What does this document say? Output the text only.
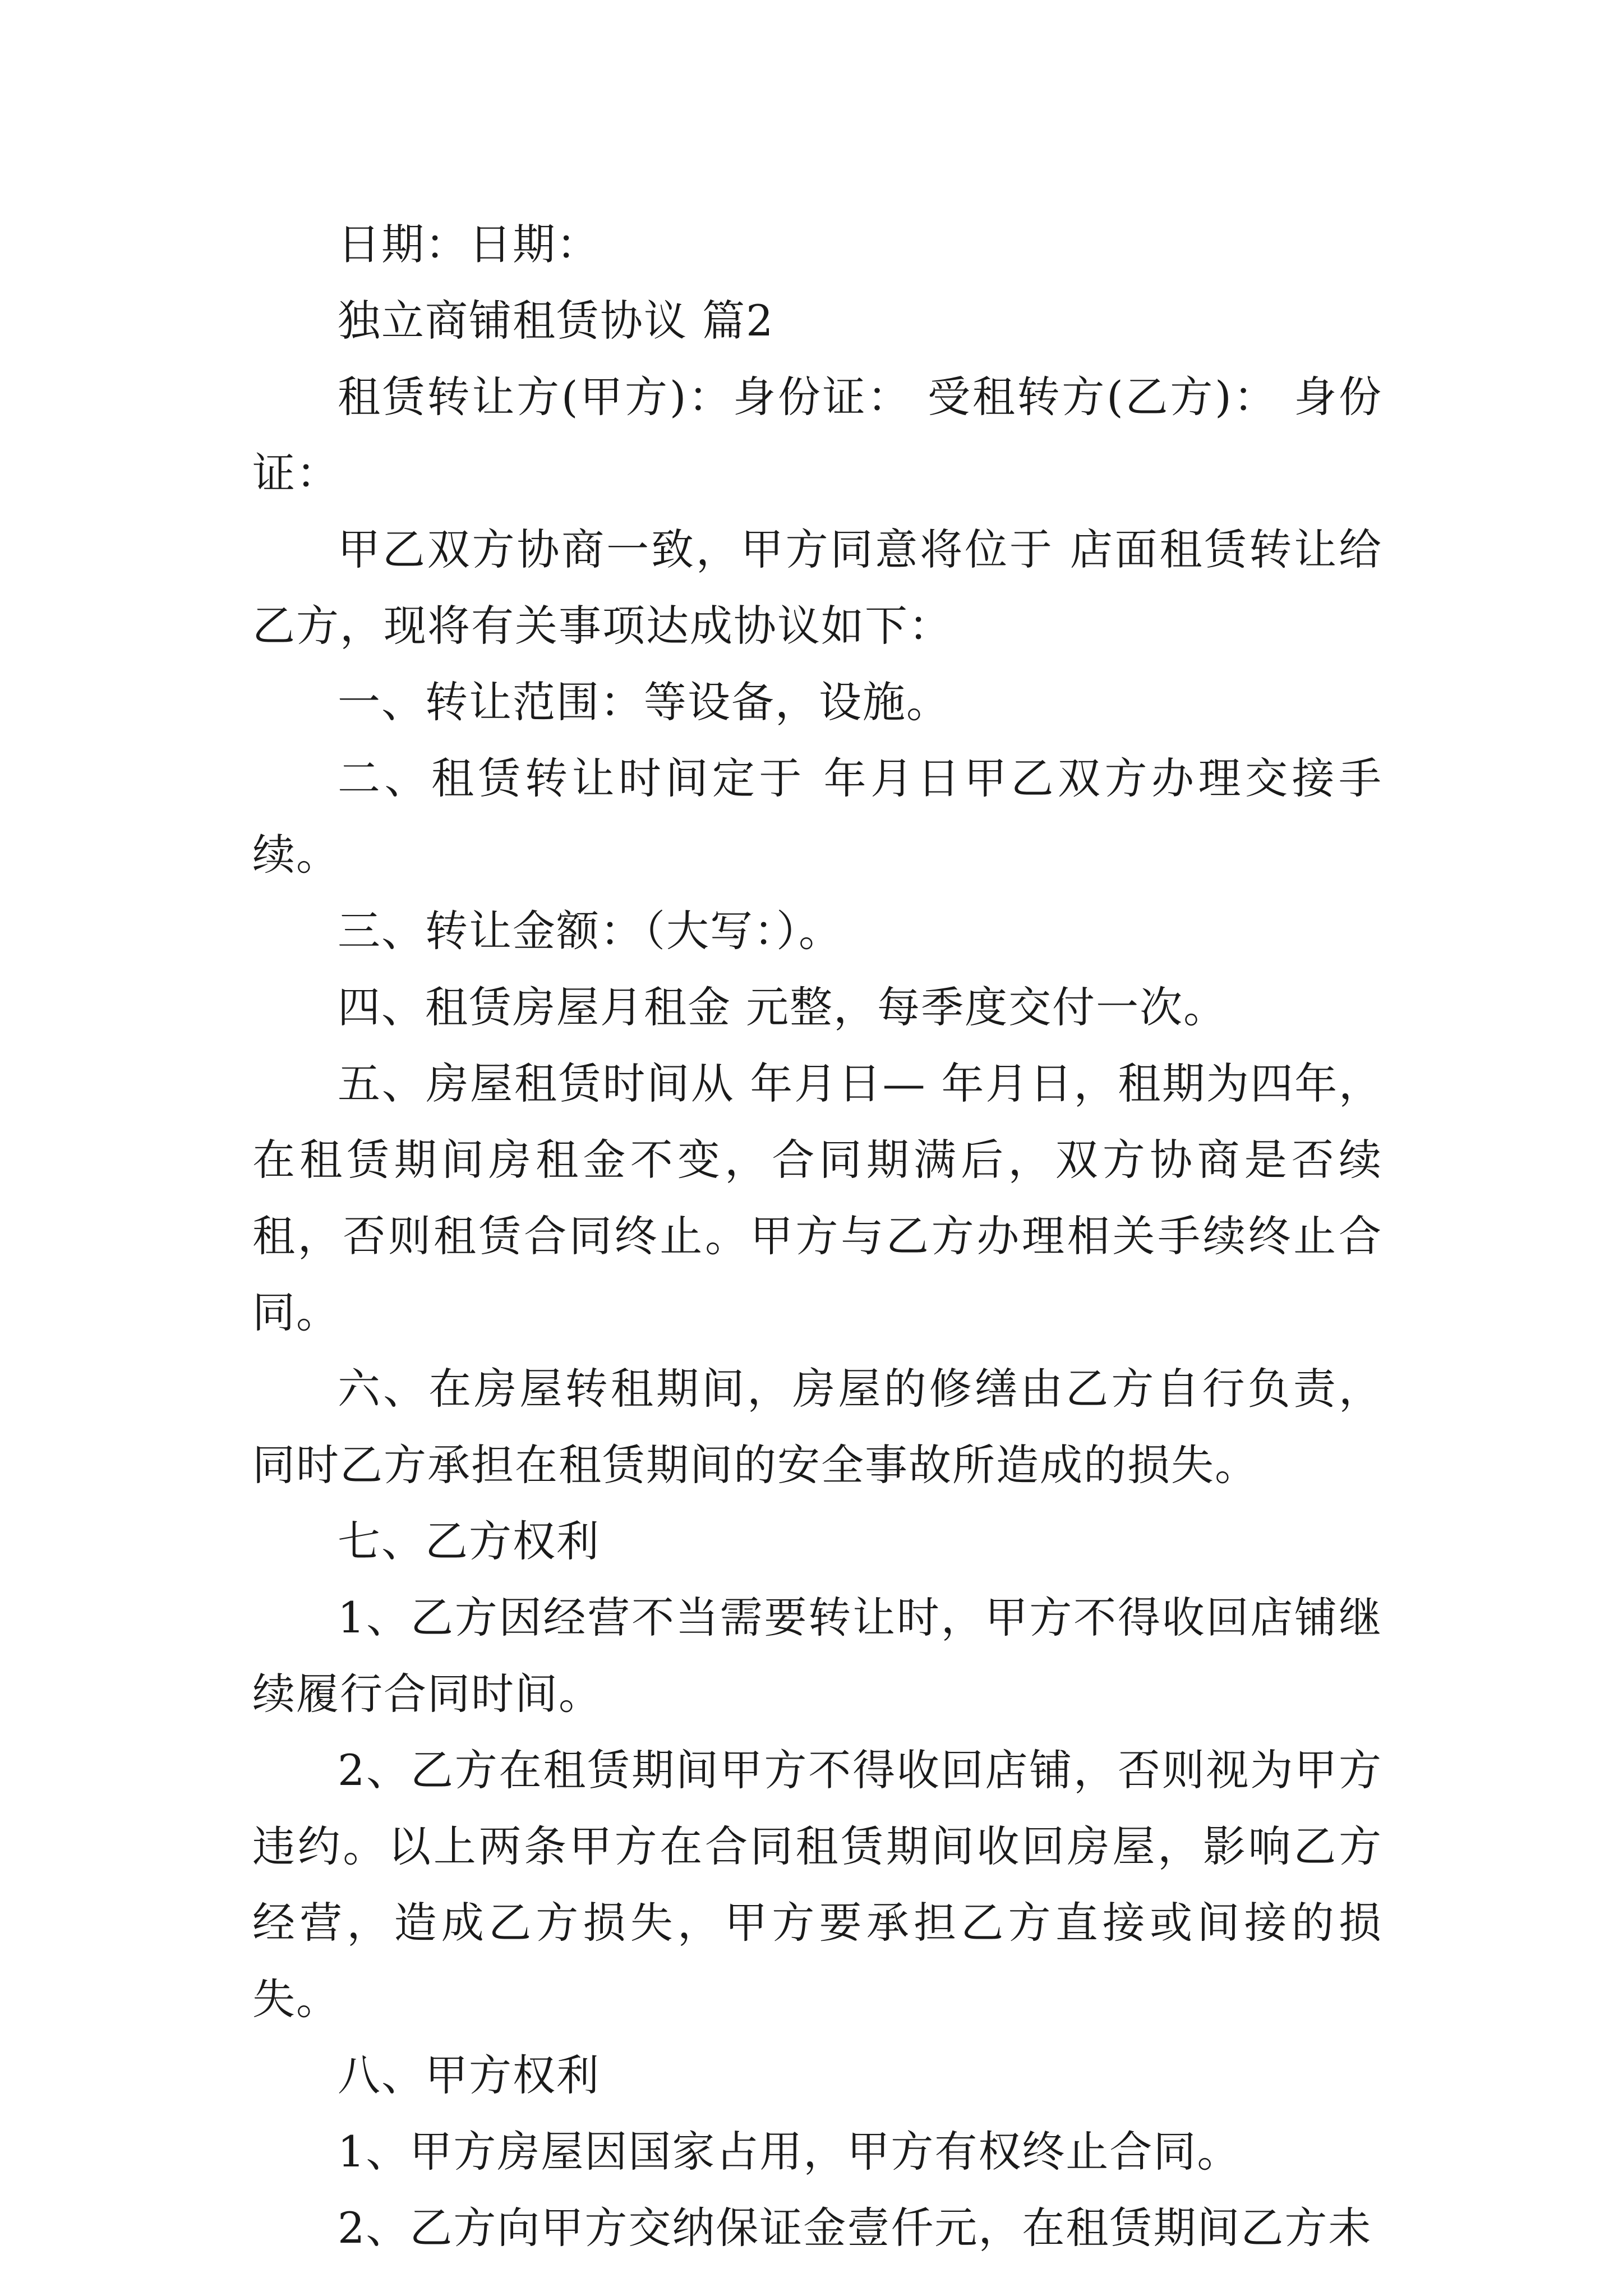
日期：日期：

独立商铺租赁协议 篇2

租赁转让方(甲方)：身份证： 受租转方(乙方)： 身份证：

甲乙双方协商一致，甲方同意将位于 店面租赁转让给乙方，现将有关事项达成协议如下：

一、转让范围：等设备，设施。

二、租赁转让时间定于 年月日甲乙双方办理交接手续。

三、转让金额：（大写：）。

四、租赁房屋月租金 元整，每季度交付一次。

五、房屋租赁时间从 年月日— 年月日，租期为四年，在租赁期间房租金不变，合同期满后，双方协商是否续租，否则租赁合同终止。甲方与乙方办理相关手续终止合同。

六、在房屋转租期间，房屋的修缮由乙方自行负责，同时乙方承担在租赁期间的安全事故所造成的损失。

七、乙方权利

1、乙方因经营不当需要转让时，甲方不得收回店铺继续履行合同时间。

2、乙方在租赁期间甲方不得收回店铺，否则视为甲方违约。以上两条甲方在合同租赁期间收回房屋，影响乙方经营，造成乙方损失，甲方要承担乙方直接或间接的损失。

八、甲方权利

1、甲方房屋因国家占用，甲方有权终止合同。

2、乙方向甲方交纳保证金壹仟元，在租赁期间乙方未
